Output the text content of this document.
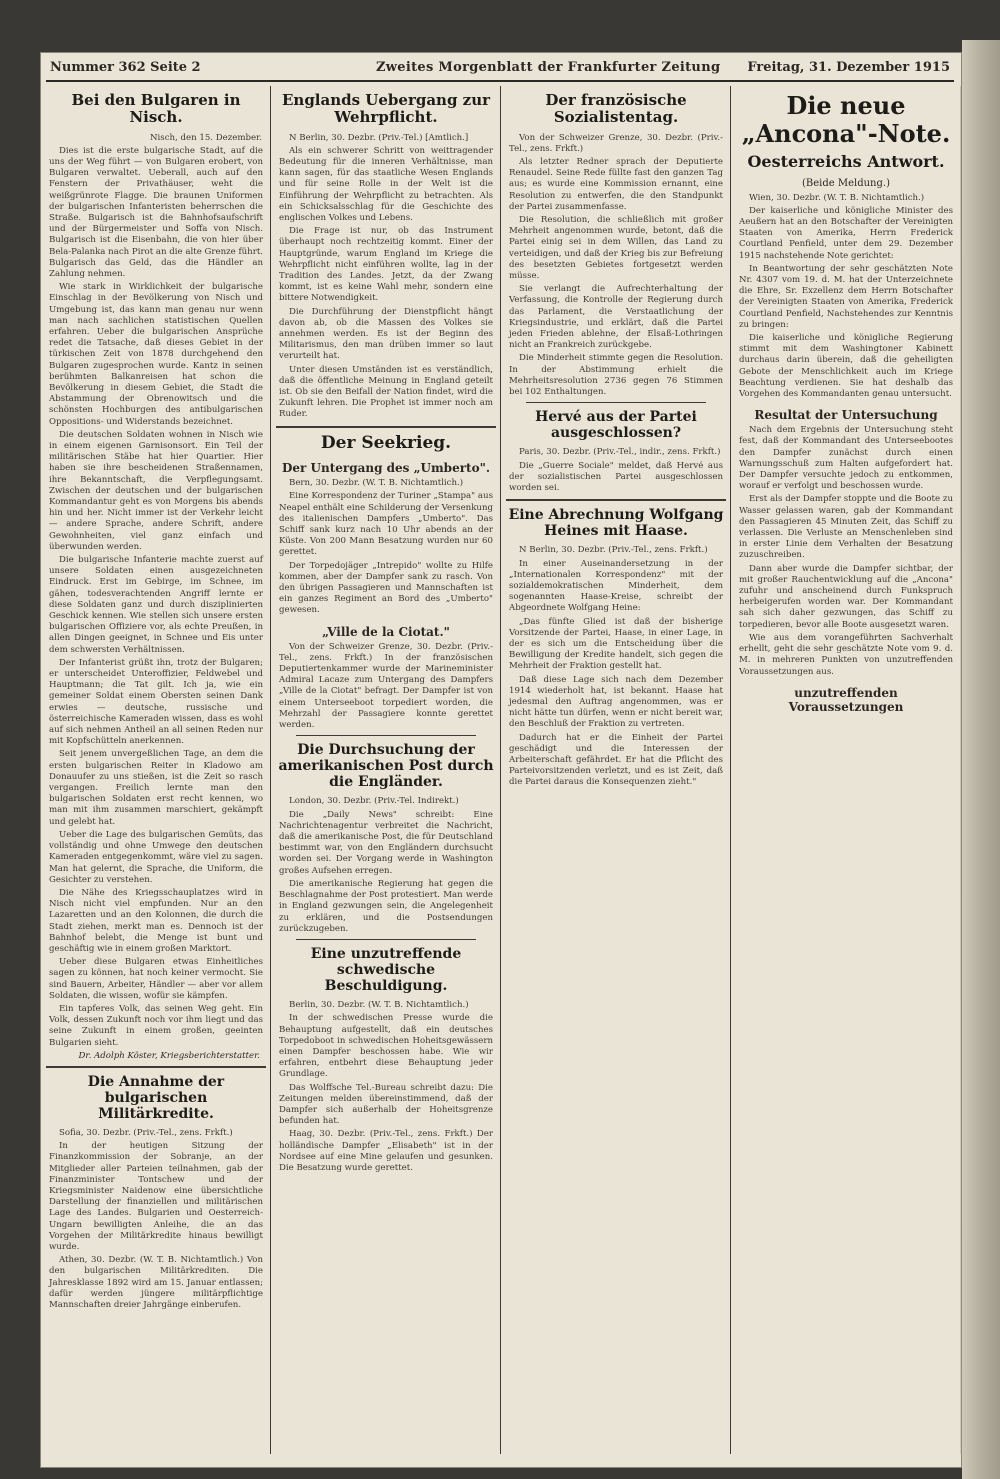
Nummer 362 Seite 2	Zweites Morgenblatt der Frankfurter Zeitung Freitag, 31. Dezember 1915
Bei den Bulgaren in Nisch.
Nisch, den 15. Dezember.

Dies ist die erste bulgarische Stadt, auf die uns der Weg führt — von Bulgaren erobert, von Bulgaren verwaltet. Ueberall, auch auf den Fenstern der Privathäuser, weht die weißgrünrote Flagge. Die braunen Uniformen der bulgarischen Infanteristen beherrschen die Straße. Bulgarisch ist die Bahnhofsaufschrift und der Bürgermeister und Soffa von Nisch. Bulgarisch ist die Eisenbahn, die von hier über Bela-Palanka nach Pirot an die alte Grenze führt. Bulgarisch das Geld, das die Händler an Zahlung nehmen.

Wie stark in Wirklichkeit der bulgarische Einschlag in der Bevölkerung von Nisch und Umgebung ist, das kann man genau nur wenn man nach sachlichen statistischen Quellen erfahren. Ueber die bulgarischen Ansprüche redet die Tatsache, daß dieses Gebiet in der türkischen Zeit von 1878 durchgehend den Bulgaren zugesprochen wurde. Kantz in seinen berühmten Balkanreisen hat schon die Bevölkerung in diesem Gebiet, die Stadt die Abstammung der Obrenowitsch und die schönsten Hochburgen des antibulgarischen Oppositions- und Widerstands bezeichnet.

Die deutschen Soldaten wohnen in Nisch wie in einem eigenen Garnisonsort. Ein Teil der militärischen Stäbe hat hier Quartier. Hier haben sie ihre bescheidenen Straßennamen, ihre Bekanntschaft, die Verpflegungsamt. Zwischen der deutschen und der bulgarischen Kommandantur geht es von Morgens bis abends hin und her. Nicht immer ist der Verkehr leicht — andere Sprache, andere Schrift, andere Gewohnheiten, viel ganz einfach und überwunden werden.

Die bulgarische Infanterie machte zuerst auf unsere Soldaten einen ausgezeichneten Eindruck. Erst im Gebirge, im Schnee, im gähen, todesverachtenden Angriff lernte er diese Soldaten ganz und durch disziplinierten Geschick kennen. Wie stellen sich unsere ersten bulgarischen Offiziere vor, als echte Preußen, in allen Dingen geeignet, in Schnee und Eis unter dem schwersten Verhältnissen.

Der Infanterist grüßt ihn, trotz der Bulgaren; er unterscheidet Unteroffizier, Feldwebel und Hauptmann; die Tat gilt. Ich ja, wie ein gemeiner Soldat einem Obersten seinen Dank erwies — deutsche, russische und österreichische Kameraden wissen, dass es wohl auf sich nehmen Antheil an all seinen Reden nur mit Kopfschütteln anerkennen.

Seit jenem unvergeßlichen Tage, an dem die ersten bulgarischen Reiter in Kladowo am Donauufer zu uns stießen, ist die Zeit so rasch vergangen. Freilich lernte man den bulgarischen Soldaten erst recht kennen, wo man mit ihm zusammen marschiert, gekämpft und gelebt hat.

Ueber die Lage des bulgarischen Gemüts, das vollständig und ohne Umwege den deutschen Kameraden entgegenkommt, wäre viel zu sagen. Man hat gelernt, die Sprache, die Uniform, die Gesichter zu verstehen.

Die Nähe des Kriegsschauplatzes wird in Nisch nicht viel empfunden. Nur an den Lazaretten und an den Kolonnen, die durch die Stadt ziehen, merkt man es. Dennoch ist der Bahnhof belebt, die Menge ist bunt und geschäftig wie in einem großen Marktort.

Ueber diese Bulgaren etwas Einheitliches sagen zu können, hat noch keiner vermocht. Sie sind Bauern, Arbeiter, Händler — aber vor allem Soldaten, die wissen, wofür sie kämpfen.

Ein tapferes Volk, das seinen Weg geht. Ein Volk, dessen Zukunft noch vor ihm liegt und das seine Zukunft in einem großen, geeinten Bulgarien sieht.

Dr. Adolph Köster, Kriegsberichterstatter.
Die Annahme der bulgarischen Militärkredite.

Sofia, 30. Dezbr. (Priv.-Tel., zens. Frkft.)

In der heutigen Sitzung der Finanzkommission der Sobranje, an der Mitglieder aller Parteien teilnahmen, gab der Finanzminister Tontschew und der Kriegsminister Naidenow eine übersichtliche Darstellung der finanziellen und militärischen Lage des Landes. Bulgarien und Oesterreich-Ungarn bewilligten Anleihe, die an das Vorgehen der Militärkredite hinaus bewilligt wurde.

Athen, 30. Dezbr. (W. T. B. Nichtamtlich.) Von den bulgarischen Militärkrediten. Die Jahresklasse 1892 wird am 15. Januar entlassen; dafür werden jüngere militärpflichtige Mannschaften dreier Jahrgänge einberufen.

Englands Uebergang zur Wehrpflicht.

N Berlin, 30. Dezbr. (Priv.-Tel.) [Amtlich.]

Als ein schwerer Schritt von weittragender Bedeutung für die inneren Verhältnisse, man kann sagen, für das staatliche Wesen Englands und für seine Rolle in der Welt ist die Einführung der Wehrpflicht zu betrachten. Als ein Schicksalsschlag für die Geschichte des englischen Volkes und Lebens.

Die Frage ist nur, ob das Instrument überhaupt noch rechtzeitig kommt. Einer der Hauptgründe, warum England im Kriege die Wehrpflicht nicht einführen wollte, lag in der Tradition des Landes. Jetzt, da der Zwang kommt, ist es keine Wahl mehr, sondern eine bittere Notwendigkeit.

Die Durchführung der Dienstpflicht hängt davon ab, ob die Massen des Volkes sie annehmen werden. Es ist der Beginn des Militarismus, den man drüben immer so laut verurteilt hat.

Unter diesen Umständen ist es verständlich, daß die öffentliche Meinung in England geteilt ist. Ob sie den Beifall der Nation findet, wird die Zukunft lehren. Die Prophet ist immer noch am Ruder.

Der Seekrieg.
Der Untergang des „Umberto".

Bern, 30. Dezbr. (W. T. B. Nichtamtlich.)

Eine Korrespondenz der Turiner „Stampa" aus Neapel enthält eine Schilderung der Versenkung des italienischen Dampfers „Umberto". Das Schiff sank kurz nach 10 Uhr abends an der Küste. Von 200 Mann Besatzung wurden nur 60 gerettet.

Der Torpedojäger „Intrepido" wollte zu Hilfe kommen, aber der Dampfer sank zu rasch. Von den übrigen Passagieren und Mannschaften ist ein ganzes Regiment an Bord des „Umberto" gewesen.

„Ville de la Ciotat."

Von der Schweizer Grenze, 30. Dezbr. (Priv.-Tel., zens. Frkft.) In der französischen Deputiertenkammer wurde der Marineminister Admiral Lacaze zum Untergang des Dampfers „Ville de la Ciotat" befragt. Der Dampfer ist von einem Unterseeboot torpediert worden, die Mehrzahl der Passagiere konnte gerettet werden.

Die Durchsuchung der amerikanischen Post durch die Engländer.

London, 30. Dezbr. (Priv.-Tel. Indirekt.)

Die „Daily News" schreibt: Eine Nachrichtenagentur verbreitet die Nachricht, daß die amerikanische Post, die für Deutschland bestimmt war, von den Engländern durchsucht worden sei. Der Vorgang werde in Washington großes Aufsehen erregen.

Die amerikanische Regierung hat gegen die Beschlagnahme der Post protestiert. Man werde in England gezwungen sein, die Angelegenheit zu erklären, und die Postsendungen zurückzugeben.

Eine unzutreffende schwedische Beschuldigung.

Berlin, 30. Dezbr. (W. T. B. Nichtamtlich.)

In der schwedischen Presse wurde die Behauptung aufgestellt, daß ein deutsches Torpedoboot in schwedischen Hoheitsgewässern einen Dampfer beschossen habe. Wie wir erfahren, entbehrt diese Behauptung jeder Grundlage.

Das Wolffsche Tel.-Bureau schreibt dazu: Die Zeitungen melden übereinstimmend, daß der Dampfer sich außerhalb der Hoheitsgrenze befunden hat.

Haag, 30. Dezbr. (Priv.-Tel., zens. Frkft.) Der holländische Dampfer „Elisabeth" ist in der Nordsee auf eine Mine gelaufen und gesunken. Die Besatzung wurde gerettet.

Der französische Sozialistentag.

Von der Schweizer Grenze, 30. Dezbr. (Priv.-Tel., zens. Frkft.)

Als letzter Redner sprach der Deputierte Renaudel. Seine Rede füllte fast den ganzen Tag aus; es wurde eine Kommission ernannt, eine Resolution zu entwerfen, die den Standpunkt der Partei zusammenfasse.

Die Resolution, die schließlich mit großer Mehrheit angenommen wurde, betont, daß die Partei einig sei in dem Willen, das Land zu verteidigen, und daß der Krieg bis zur Befreiung des besetzten Gebietes fortgesetzt werden müsse.

Sie verlangt die Aufrechterhaltung der Verfassung, die Kontrolle der Regierung durch das Parlament, die Verstaatlichung der Kriegsindustrie, und erklärt, daß die Partei jeden Frieden ablehne, der Elsaß-Lothringen nicht an Frankreich zurückgebe.

Die Minderheit stimmte gegen die Resolution. In der Abstimmung erhielt die Mehrheitsresolution 2736 gegen 76 Stimmen bei 102 Enthaltungen.

Hervé aus der Partei ausgeschlossen?

Paris, 30. Dezbr. (Priv.-Tel., indir., zens. Frkft.)

Die „Guerre Sociale" meldet, daß Hervé aus der sozialistischen Partei ausgeschlossen worden sei.

Eine Abrechnung Wolfgang Heines mit Haase.

N Berlin, 30. Dezbr. (Priv.-Tel., zens. Frkft.)

In einer Auseinandersetzung in der „Internationalen Korrespondenz" mit der sozialdemokratischen Minderheit, dem sogenannten Haase-Kreise, schreibt der Abgeordnete Wolfgang Heine:

„Das fünfte Glied ist daß der bisherige Vorsitzende der Partei, Haase, in einer Lage, in der es sich um die Entscheidung über die Bewilligung der Kredite handelt, sich gegen die Mehrheit der Fraktion gestellt hat.

Daß diese Lage sich nach dem Dezember 1914 wiederholt hat, ist bekannt. Haase hat jedesmal den Auftrag angenommen, was er nicht hätte tun dürfen, wenn er nicht bereit war, den Beschluß der Fraktion zu vertreten.

Dadurch hat er die Einheit der Partei geschädigt und die Interessen der Arbeiterschaft gefährdet. Er hat die Pflicht des Parteivorsitzenden verletzt, und es ist Zeit, daß die Partei daraus die Konsequenzen zieht."

Die neue „Ancona"-Note.
Oesterreichs Antwort.
(Beide Meldung.)

Wien, 30. Dezbr. (W. T. B. Nichtamtlich.)

Der kaiserliche und königliche Minister des Aeußern hat an den Botschafter der Vereinigten Staaten von Amerika, Herrn Frederick Courtland Penfield, unter dem 29. Dezember 1915 nachstehende Note gerichtet:

In Beantwortung der sehr geschätzten Note Nr. 4307 vom 19. d. M. hat der Unterzeichnete die Ehre, Sr. Exzellenz dem Herrn Botschafter der Vereinigten Staaten von Amerika, Frederick Courtland Penfield, Nachstehendes zur Kenntnis zu bringen:

Die kaiserliche und königliche Regierung stimmt mit dem Washingtoner Kabinett durchaus darin überein, daß die geheiligten Gebote der Menschlichkeit auch im Kriege Beachtung verdienen. Sie hat deshalb das Vorgehen des Kommandanten genau untersucht.

Resultat der Untersuchung

Nach dem Ergebnis der Untersuchung steht fest, daß der Kommandant des Unterseebootes den Dampfer zunächst durch einen Warnungsschuß zum Halten aufgefordert hat. Der Dampfer versuchte jedoch zu entkommen, worauf er verfolgt und beschossen wurde.

Erst als der Dampfer stoppte und die Boote zu Wasser gelassen waren, gab der Kommandant den Passagieren 45 Minuten Zeit, das Schiff zu verlassen. Die Verluste an Menschenleben sind in erster Linie dem Verhalten der Besatzung zuzuschreiben.

Dann aber wurde die Dampfer sichtbar, der mit großer Rauchentwicklung auf die „Ancona" zufuhr und anscheinend durch Funkspruch herbeigerufen worden war. Der Kommandant sah sich daher gezwungen, das Schiff zu torpedieren, bevor alle Boote ausgesetzt waren.

Wie aus dem vorangeführten Sachverhalt erhellt, geht die sehr geschätzte Note vom 9. d. M. in mehreren Punkten von unzutreffenden Voraussetzungen aus.

unzutreffenden Voraussetzungen
